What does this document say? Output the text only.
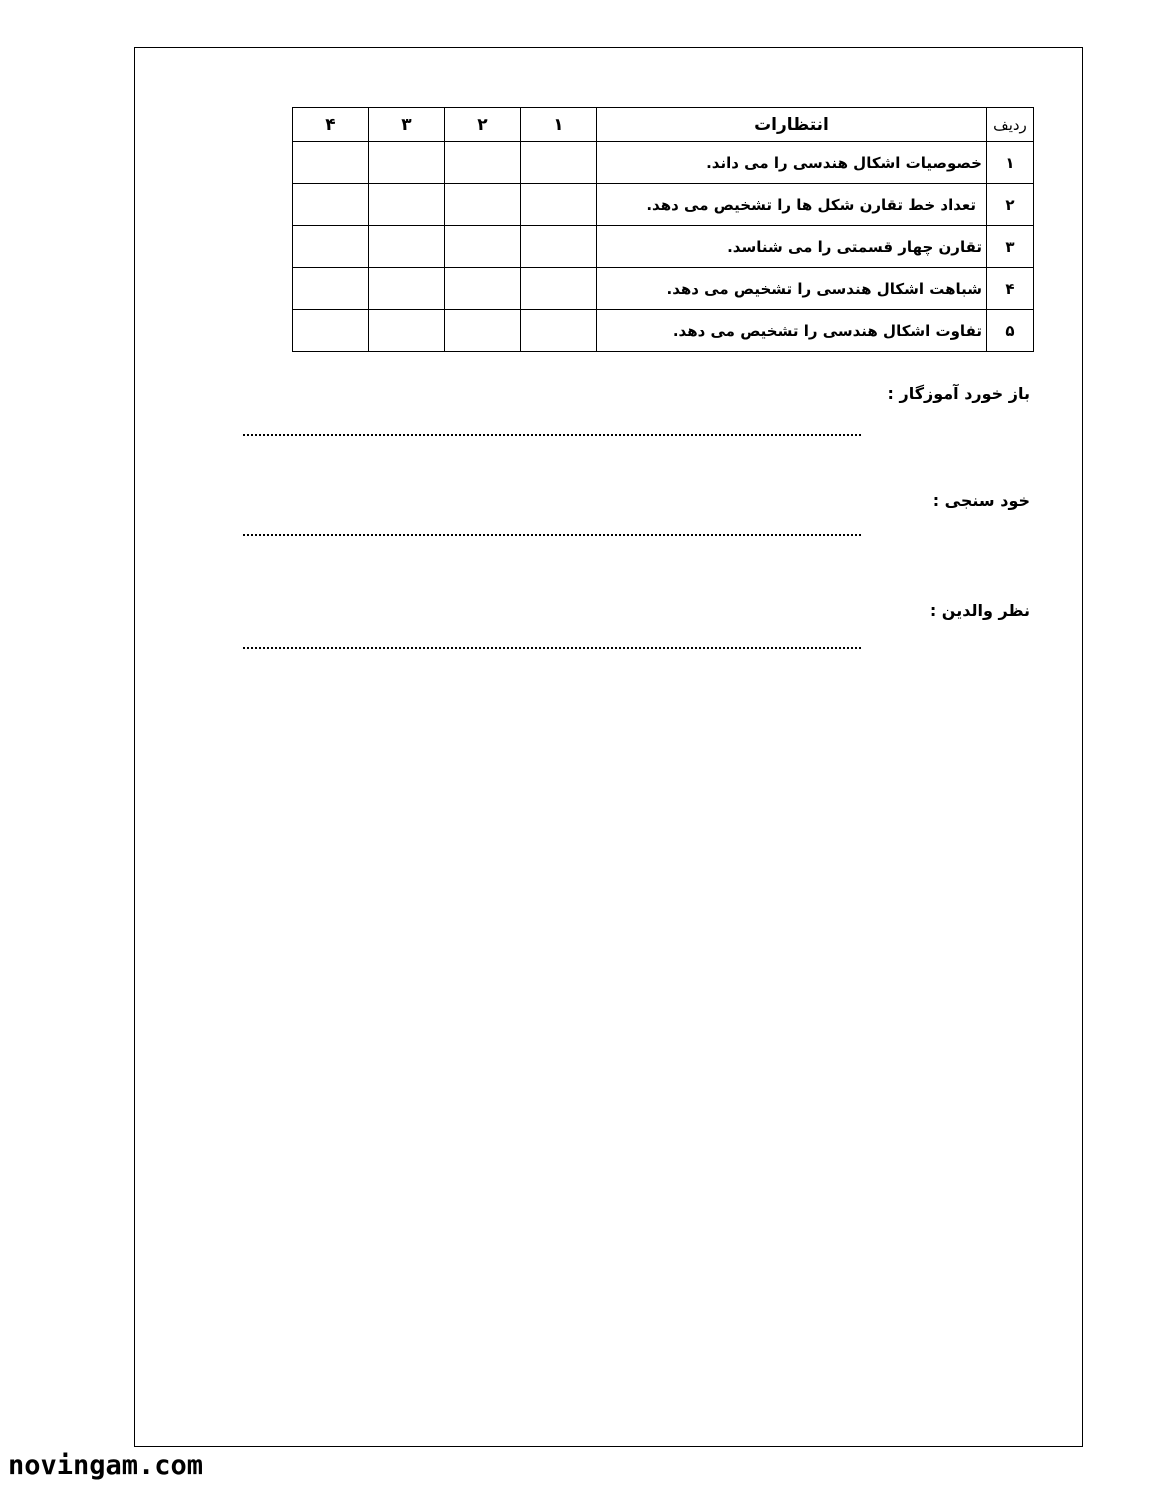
ردیف	انتظارات	۱	۲	۳	۴
۱	خصوصیات اشکال هندسی را می داند.				
۲	تعداد خط تقارن شکل ها را تشخیص می دهد.				
۳	تقارن چهار قسمتی را می شناسد.				
۴	شباهت اشکال هندسی را تشخیص می دهد.				
۵	تفاوت اشکال هندسی را تشخیص می دهد.				
باز خورد آموزگار :
خود سنجی :
نظر والدین :
novingam.com
